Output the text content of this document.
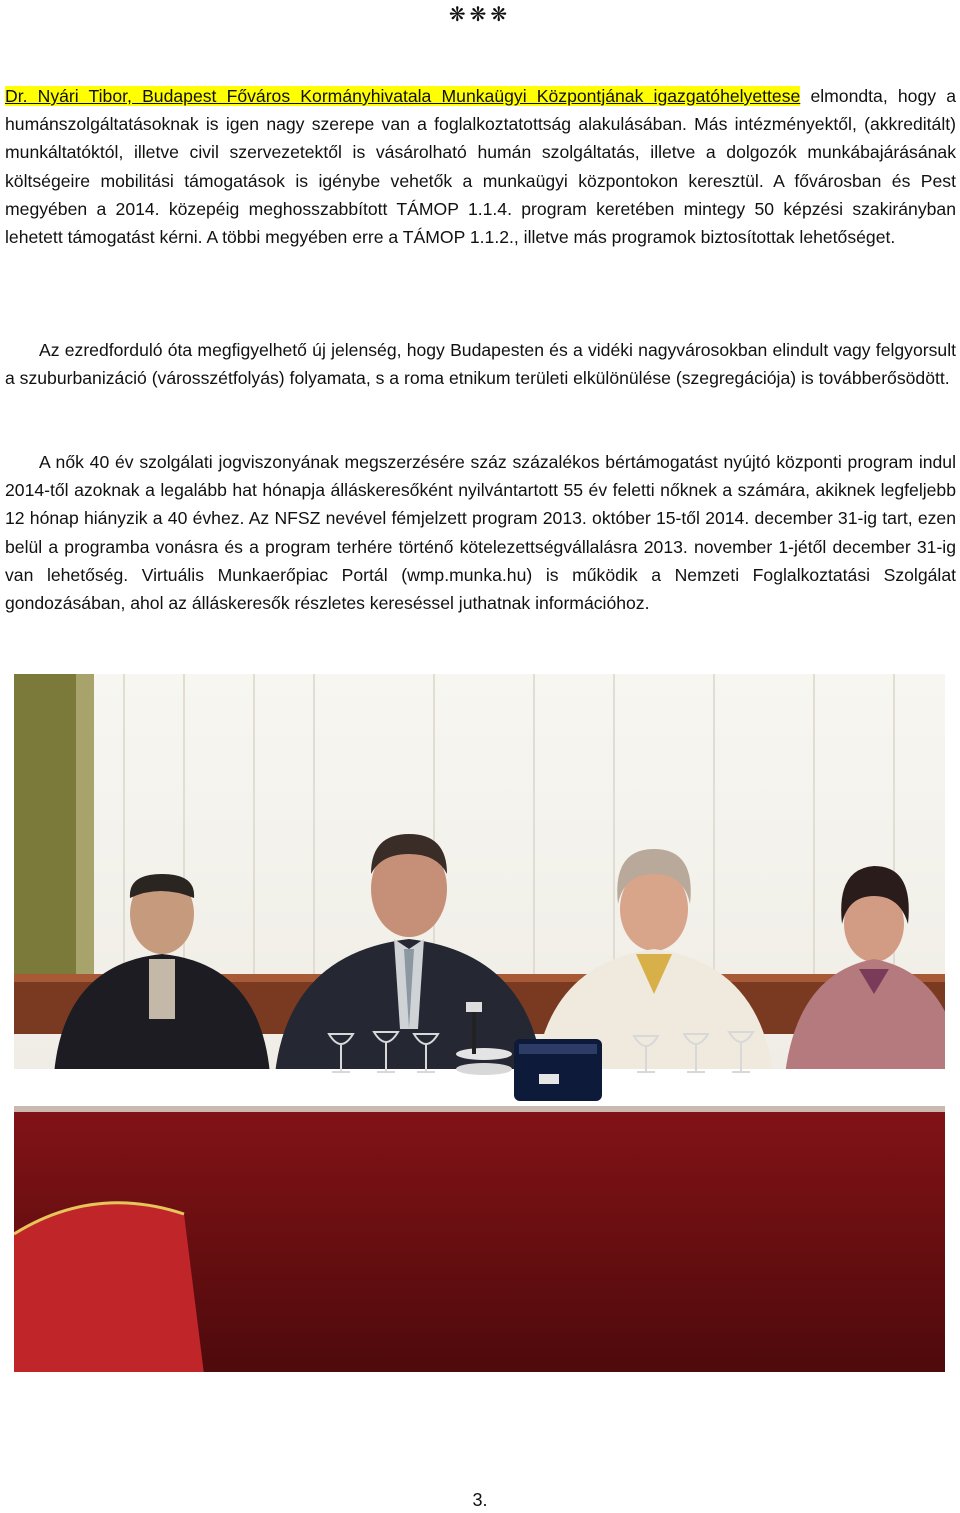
❋❋❋

Dr. Nyári Tibor, Budapest Főváros Kormányhivatala Munkaügyi Központjának igazgatóhelyettese elmondta, hogy a humánszolgáltatásoknak is igen nagy szerepe van a foglalkoztatottság alakulásában. Más intézményektől, (akkreditált) munkáltatóktól, illetve civil szervezetektől is vásárolható humán szolgáltatás, illetve a dolgozók munkábajárásának költségeire mobilitási támogatások is igénybe vehetők a munkaügyi központokon keresztül. A fővárosban és Pest megyében a 2014. közepéig meghosszabbított TÁMOP 1.1.4. program keretében mintegy 50 képzési szakirányban lehetett támogatást kérni. A többi megyében erre a TÁMOP 1.1.2., illetve más programok biztosítottak lehetőséget.

Az ezredforduló óta megfigyelhető új jelenség, hogy Budapesten és a vidéki nagyvárosokban elindult vagy felgyorsult a szuburbanizáció (városszétfolyás) folyamata, s a roma etnikum területi elkülönülése (szegregációja) is továbberősödött.

A nők 40 év szolgálati jogviszonyának megszerzésére száz százalékos bértámogatást nyújtó központi program indul 2014-től azoknak a legalább hat hónapja álláskeresőként nyilvántartott 55 év feletti nőknek a számára, akiknek legfeljebb 12 hónap hiányzik a 40 évhez. Az NFSZ nevével fémjelzett program 2013. október 15-től 2014. december 31-ig tart, ezen belül a programba vonásra és a program terhére történő kötelezettségvállalásra 2013. november 1-jétől december 31-ig van lehetőség. Virtuális Munkaerőpiac Portál (wmp.munka.hu) is működik a Nemzeti Foglalkoztatási Szolgálat gondozásában, ahol az álláskeresők részletes kereséssel juthatnak információhoz.

3.
